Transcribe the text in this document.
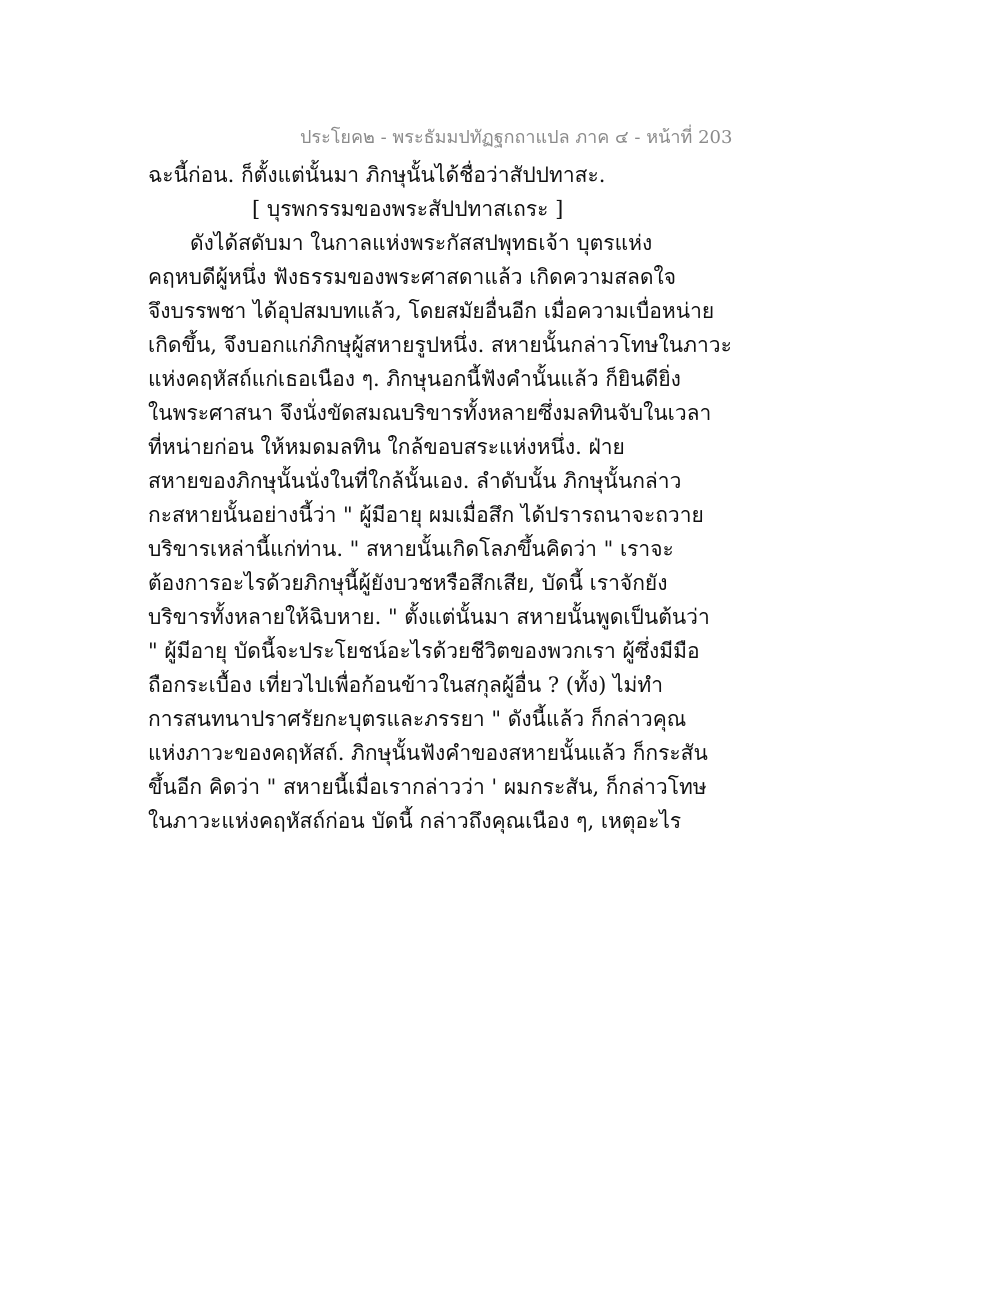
ประโยค๒ - พระธัมมปทัฏฐกถาแปล ภาค ๔ - หน้าที่ 203
ฉะนี้ก่อน. ก็ตั้งแต่นั้นมา ภิกษุนั้นได้ชื่อว่าสัปปทาสะ.
[ บุรพกรรมของพระสัปปทาสเถระ ]
ดังได้สดับมา ในกาลแห่งพระกัสสปพุทธเจ้า บุตรแห่ง
คฤหบดีผู้หนึ่ง ฟังธรรมของพระศาสดาแล้ว เกิดความสลดใจ
จึงบรรพชา ได้อุปสมบทแล้ว, โดยสมัยอื่นอีก เมื่อความเบื่อหน่าย
เกิดขึ้น, จึงบอกแก่ภิกษุผู้สหายรูปหนึ่ง. สหายนั้นกล่าวโทษในภาวะ
แห่งคฤหัสถ์แก่เธอเนือง ๆ. ภิกษุนอกนี้ฟังคำนั้นแล้ว ก็ยินดียิ่ง
ในพระศาสนา จึงนั่งขัดสมณบริขารทั้งหลายซึ่งมลทินจับในเวลา
ที่หน่ายก่อน ให้หมดมลทิน ใกล้ขอบสระแห่งหนึ่ง. ฝ่าย
สหายของภิกษุนั้นนั่งในที่ใกล้นั้นเอง. ลำดับนั้น ภิกษุนั้นกล่าว
กะสหายนั้นอย่างนี้ว่า " ผู้มีอายุ ผมเมื่อสึก ได้ปรารถนาจะถวาย
บริขารเหล่านี้แก่ท่าน. " สหายนั้นเกิดโลภขึ้นคิดว่า " เราจะ
ต้องการอะไรด้วยภิกษุนี้ผู้ยังบวชหรือสึกเสีย, บัดนี้ เราจักยัง
บริขารทั้งหลายให้ฉิบหาย. " ตั้งแต่นั้นมา สหายนั้นพูดเป็นต้นว่า
" ผู้มีอายุ บัดนี้จะประโยชน์อะไรด้วยชีวิตของพวกเรา ผู้ซึ่งมีมือ
ถือกระเบื้อง เที่ยวไปเพื่อก้อนข้าวในสกุลผู้อื่น ? (ทั้ง) ไม่ทำ
การสนทนาปราศรัยกะบุตรและภรรยา " ดังนี้แล้ว ก็กล่าวคุณ
แห่งภาวะของคฤหัสถ์. ภิกษุนั้นฟังคำของสหายนั้นแล้ว ก็กระสัน
ขึ้นอีก คิดว่า " สหายนี้เมื่อเรากล่าวว่า ' ผมกระสัน, ก็กล่าวโทษ
ในภาวะแห่งคฤหัสถ์ก่อน บัดนี้ กล่าวถึงคุณเนือง ๆ, เหตุอะไร
